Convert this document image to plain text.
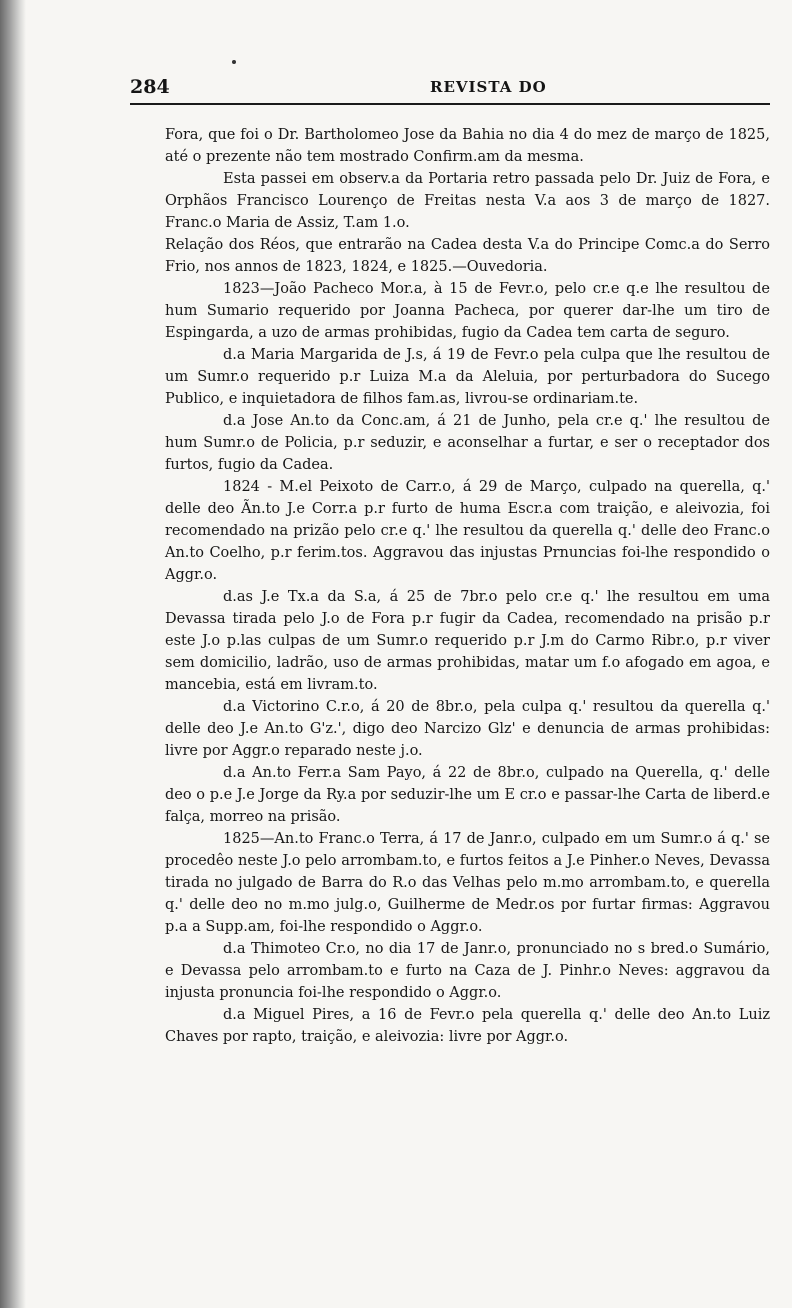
284	REVISTA DO

Fora, que foi o Dr. Bartholomeo Jose da Bahia no dia 4 do mez de março de 1825, até o prezente não tem mostrado Confirm.am da mesma.

Esta passei em observ.a da Portaria retro passada pelo Dr. Juiz de Fora, e Orphãos Francisco Lourenço de Freitas nesta V.a aos 3 de março de 1827. Franc.o Maria de Assiz, T.am 1.o.

Relação dos Réos, que entrarão na Cadea desta V.a do Principe Comc.a do Serro Frio, nos annos de 1823, 1824, e 1825.—Ouvedoria.

1823—João Pacheco Mor.a, à 15 de Fevr.o, pelo cr.e q.e lhe resultou de hum Sumario requerido por Joanna Pacheca, por querer dar-lhe um tiro de Espingarda, a uzo de armas prohibidas, fugio da Cadea tem carta de seguro.

d.a Maria Margarida de J.s, á 19 de Fevr.o pela culpa que lhe resultou de um Sumr.o requerido p.r Luiza M.a da Aleluia, por perturbadora do Sucego Publico, e inquietadora de filhos fam.as, livrou-se ordinariam.te.

d.a Jose An.to da Conc.am, á 21 de Junho, pela cr.e q.' lhe resultou de hum Sumr.o de Policia, p.r seduzir, e aconselhar a furtar, e ser o receptador dos furtos, fugio da Cadea.

1824 - M.el Peixoto de Carr.o, á 29 de Março, culpado na querella, q.' delle deo Ãn.to J.e Corr.a p.r furto de huma Escr.a com traição, e aleivozia, foi recomendado na prizão pelo cr.e q.' lhe resultou da querella q.' delle deo Franc.o An.to Coelho, p.r ferim.tos. Aggravou das injustas Prnuncias foi-lhe respondido o Aggr.o.

d.as J.e Tx.a da S.a, á 25 de 7br.o pelo cr.e q.' lhe resultou em uma Devassa tirada pelo J.o de Fora p.r fugir da Cadea, recomendado na prisão p.r este J.o p.las culpas de um Sumr.o requerido p.r J.m do Carmo Ribr.o, p.r viver sem domicilio, ladrão, uso de armas prohibidas, matar um f.o afogado em agoa, e mancebia, está em livram.to.

d.a Victorino C.r.o, á 20 de 8br.o, pela culpa q.' resultou da querella q.' delle deo J.e An.to G'z.', digo deo Narcizo Glz' e denuncia de armas prohibidas: livre por Aggr.o reparado neste j.o.

d.a An.to Ferr.a Sam Payo, á 22 de 8br.o, culpado na Querella, q.' delle deo o p.e J.e Jorge da Ry.a por seduzir-lhe um E cr.o e passar-lhe Carta de liberd.e falça, morreo na prisão.

1825—An.to Franc.o Terra, á 17 de Janr.o, culpado em um Sumr.o á q.' se procedêo neste J.o pelo arrombam.to, e furtos feitos a J.e Pinher.o Neves, Devassa tirada no julgado de Barra do R.o das Velhas pelo m.mo arrombam.to, e querella q.' delle deo no m.mo julg.o, Guilherme de Medr.os por furtar firmas: Aggravou p.a a Supp.am, foi-lhe respondido o Aggr.o.

d.a Thimoteo Cr.o, no dia 17 de Janr.o, pronunciado no s bred.o Sumário, e Devassa pelo arrombam.to e furto na Caza de J. Pinhr.o Neves: aggravou da injusta pronuncia foi-lhe respondido o Aggr.o.

d.a Miguel Pires, a 16 de Fevr.o pela querella q.' delle deo An.to Luiz Chaves por rapto, traição, e aleivozia: livre por Aggr.o.
